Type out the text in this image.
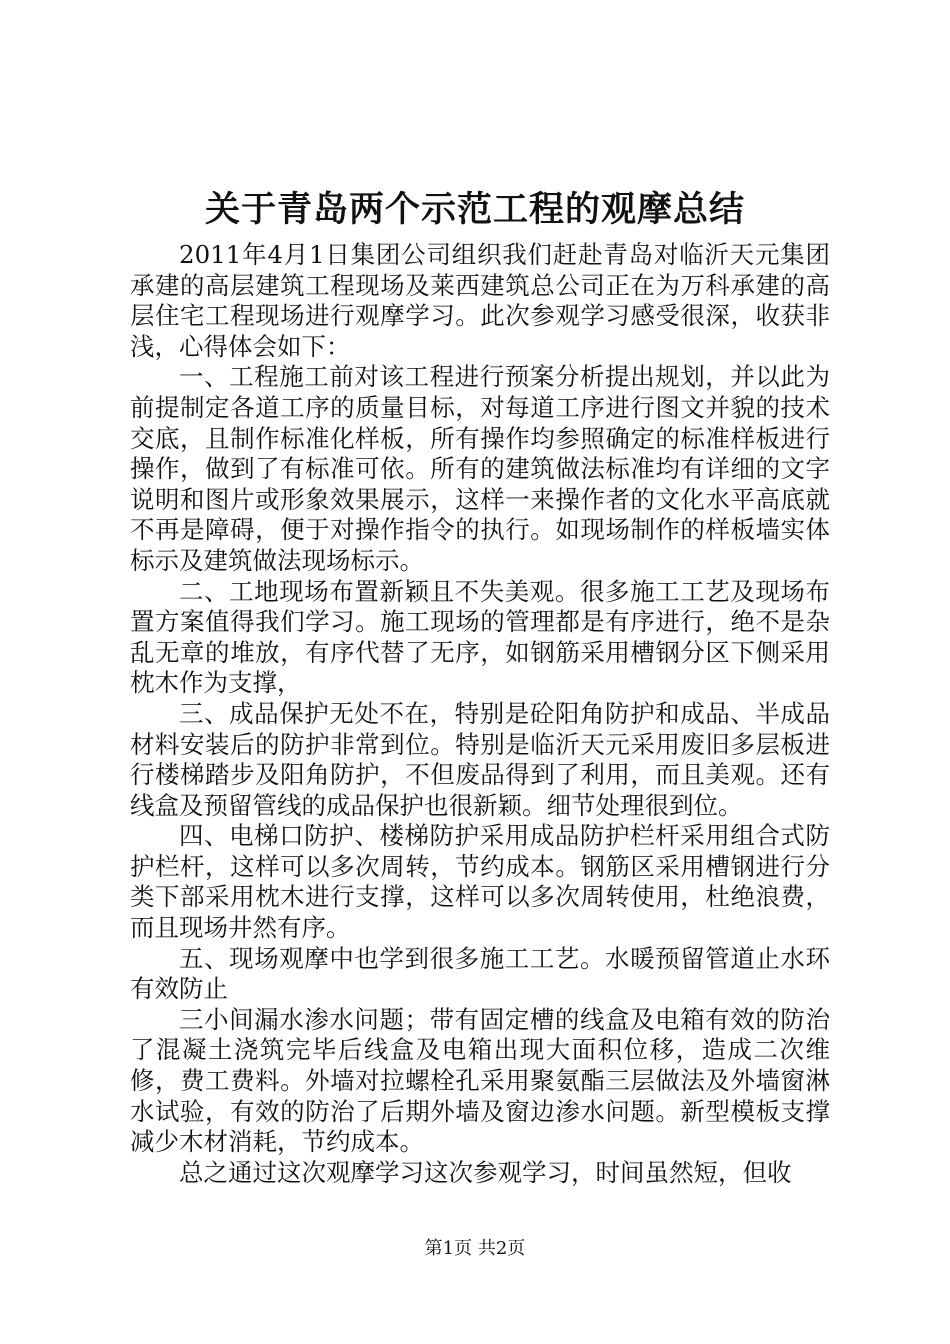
关于青岛两个示范工程的观摩总结

2011年4月1日集团公司组织我们赶赴青岛对临沂天元集团承建的高层建筑工程现场及莱西建筑总公司正在为万科承建的高层住宅工程现场进行观摩学习。此次参观学习感受很深，收获非浅，心得体会如下：

一、工程施工前对该工程进行预案分析提出规划，并以此为前提制定各道工序的质量目标，对每道工序进行图文并貌的技术交底，且制作标准化样板，所有操作均参照确定的标准样板进行操作，做到了有标准可依。所有的建筑做法标准均有详细的文字说明和图片或形象效果展示，这样一来操作者的文化水平高底就不再是障碍，便于对操作指令的执行。如现场制作的样板墙实体标示及建筑做法现场标示。

二、工地现场布置新颖且不失美观。很多施工工艺及现场布置方案值得我们学习。施工现场的管理都是有序进行，绝不是杂乱无章的堆放，有序代替了无序，如钢筋采用槽钢分区下侧采用枕木作为支撑，

三、成品保护无处不在，特别是砼阳角防护和成品、半成品材料安装后的防护非常到位。特别是临沂天元采用废旧多层板进行楼梯踏步及阳角防护，不但废品得到了利用，而且美观。还有线盒及预留管线的成品保护也很新颖。细节处理很到位。

四、电梯口防护、楼梯防护采用成品防护栏杆采用组合式防护栏杆，这样可以多次周转，节约成本。钢筋区采用槽钢进行分类下部采用枕木进行支撑，这样可以多次周转使用，杜绝浪费，而且现场井然有序。

五、现场观摩中也学到很多施工工艺。水暖预留管道止水环有效防止

三小间漏水渗水问题；带有固定槽的线盒及电箱有效的防治了混凝土浇筑完毕后线盒及电箱出现大面积位移，造成二次维修，费工费料。外墙对拉螺栓孔采用聚氨酯三层做法及外墙窗淋水试验，有效的防治了后期外墙及窗边渗水问题。新型模板支撑减少木材消耗，节约成本。

总之通过这次观摩学习这次参观学习，时间虽然短，但收

第1页 共2页
